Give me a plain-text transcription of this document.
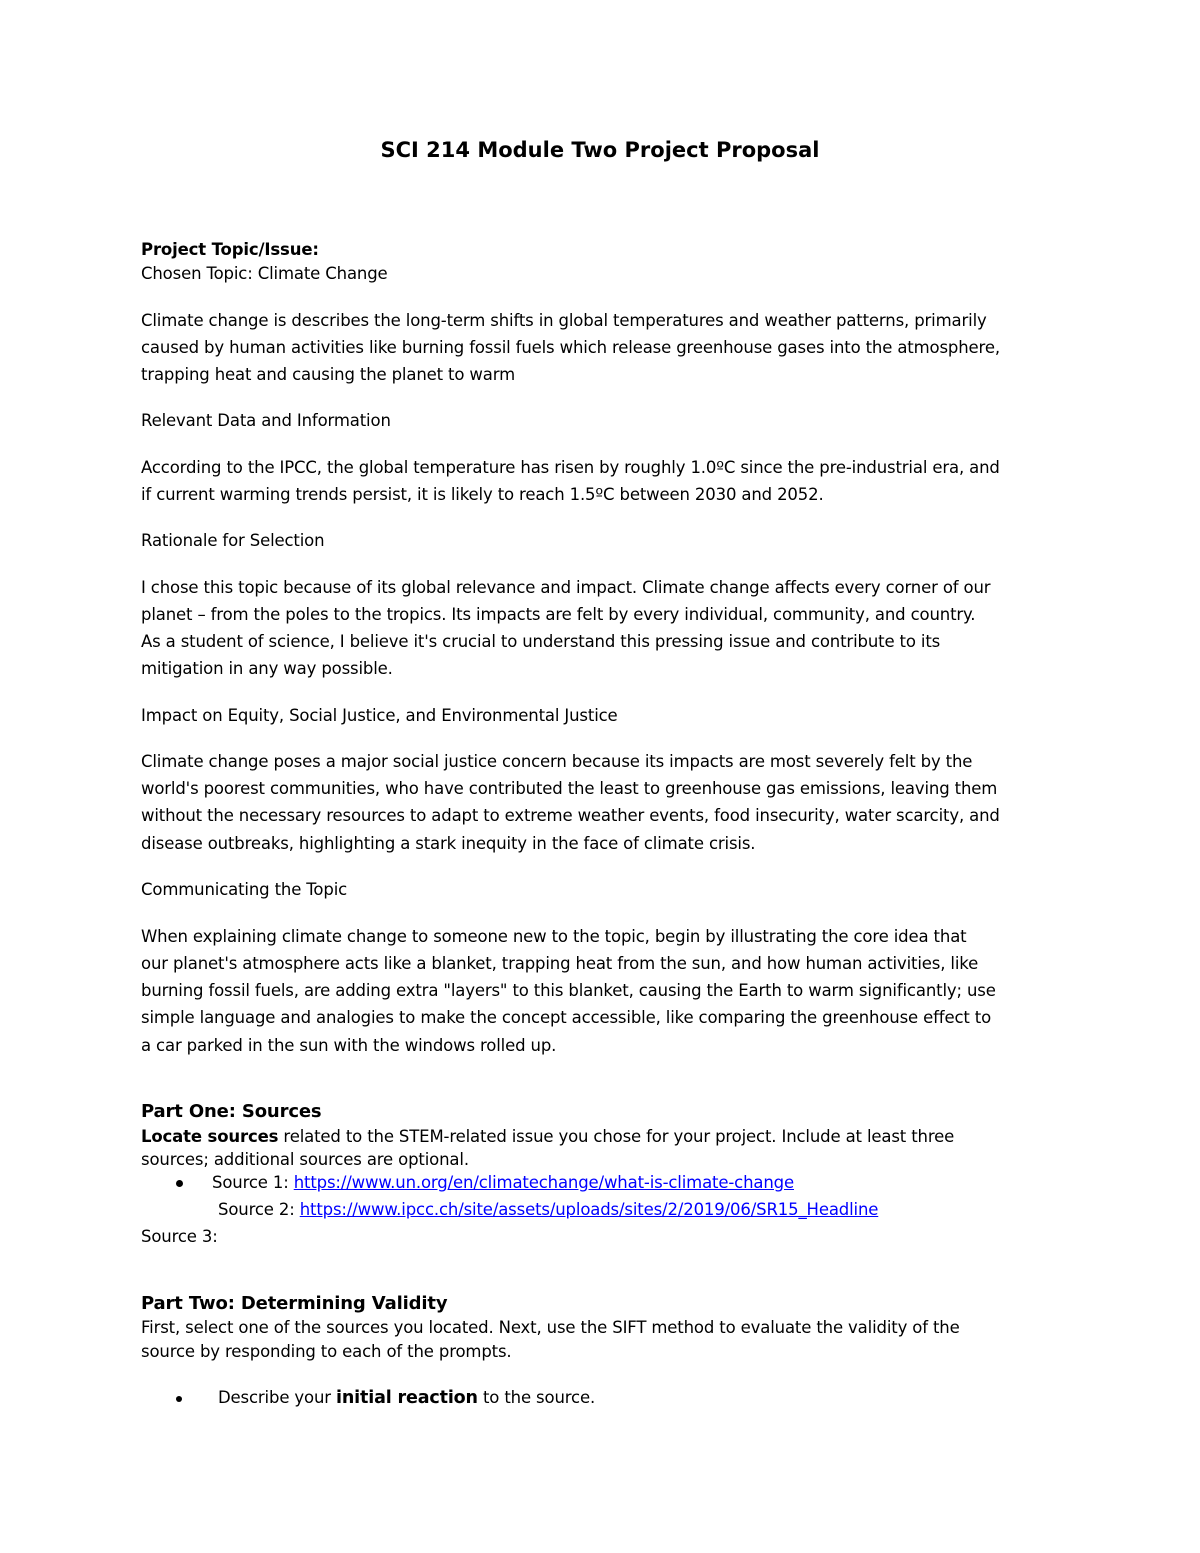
SCI 214 Module Two Project Proposal
Project Topic/Issue:
Chosen Topic: Climate Change
Climate change is describes the long-term shifts in global temperatures and weather patterns, primarily
caused by human activities like burning fossil fuels which release greenhouse gases into the atmosphere,
trapping heat and causing the planet to warm
Relevant Data and Information
According to the IPCC, the global temperature has risen by roughly 1.0ºC since the pre-industrial era, and
if current warming trends persist, it is likely to reach 1.5ºC between 2030 and 2052.
Rationale for Selection
I chose this topic because of its global relevance and impact. Climate change affects every corner of our
planet – from the poles to the tropics. Its impacts are felt by every individual, community, and country.
As a student of science, I believe it's crucial to understand this pressing issue and contribute to its
mitigation in any way possible.
Impact on Equity, Social Justice, and Environmental Justice
Climate change poses a major social justice concern because its impacts are most severely felt by the
world's poorest communities, who have contributed the least to greenhouse gas emissions, leaving them
without the necessary resources to adapt to extreme weather events, food insecurity, water scarcity, and
disease outbreaks, highlighting a stark inequity in the face of climate crisis.
Communicating the Topic
When explaining climate change to someone new to the topic, begin by illustrating the core idea that
our planet's atmosphere acts like a blanket, trapping heat from the sun, and how human activities, like
burning fossil fuels, are adding extra "layers" to this blanket, causing the Earth to warm significantly; use
simple language and analogies to make the concept accessible, like comparing the greenhouse effect to
a car parked in the sun with the windows rolled up.
Part One: Sources
Locate sources related to the STEM-related issue you chose for your project. Include at least three
sources; additional sources are optional.
Source 1: https://www.un.org/en/climatechange/what-is-climate-change
Source 2: https://www.ipcc.ch/site/assets/uploads/sites/2/2019/06/SR15_Headline
Source 3:
Part Two: Determining Validity
First, select one of the sources you located. Next, use the SIFT method to evaluate the validity of the
source by responding to each of the prompts.
Describe your initial reaction to the source.
